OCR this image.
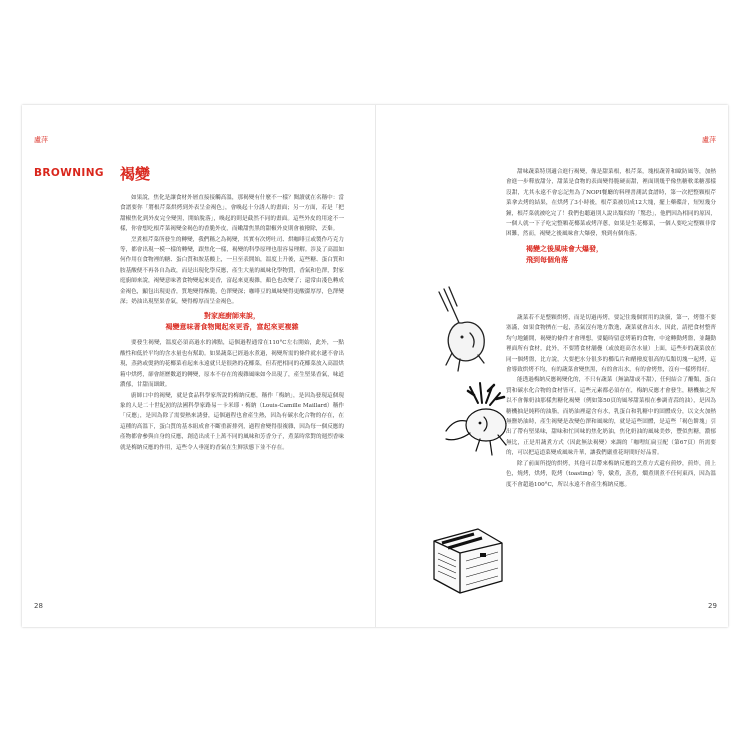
盧萍
BROWNING 褐變

如果說，焦化是讓食材外層直接接觸高溫，那褐變有什麼不一樣？閱讀就在名稱中：當食譜要你「將根芹菜烘烤到外表呈金褐色」，會喚起十分誘人的畫面；另一方面，若是「把甜椒焦化到外皮完全變黑，開始脫落」，喚起的則是截然不同的畫面。這些外皮的用途不一樣，你會想吃根芹菜褐變金褐色的香脆外皮，而嫩甜焦黑的甜椒外皮則會被撥除，丟棄。

烹煮根芹菜所發生的轉變，我們稱之為褐變，其實有次烤吐司、烘咖啡豆或製作巧克力等，都會出現一模一樣的轉變，跟焦化一樣，褐變的科學原理也很容易理解。涉及了高溫如何作用在食物裡的糖、蛋白質和胺基酸上，一旦至表開始，溫度上升後，這些糖、蛋白質和胺基酸便不再各自為政，而是出現化學反應，產生大量的風味化學物質，香氣和色澤，對家庭廚師來說，褐變意味著食物變起來更香，富起來更複雜，顏色也改變了；還常由淺色轉成金褐色，顯包出現更香，質地變得酥脆，色澤變深；咖啡豆的風味變得更酸澀厚厚，色澤變深；奶油出現堅果香氣，變得醇厚而呈金褐色。

對家庭廚師來說，
褐變意味著食物聞起來更香，富起來更複雜

要發生褐變，溫度必須高過水的沸點，這個過程通常在110°C左右開始，此外，一點酸性和低於平均的含水量也有幫助。如果蔬菜已經過水煮過，褐變所需的條件就水遞不會出現，蒸熟或燙熟的花椰菜看起來永遠就只是很熟的花椰菜，但若把相同的花椰菜放入高溫烘箱中烘烤，卻會經歷數道的轉變，原本不存在的複雜風味如今出現了，產生堅果香氣，味道濃郁，甘甜而細緻。

廚師口中的褐變，就是食品科學家所說的梅納反應，稱作「梅納」，是因為發現這個現象的人是二十世紀初的法國科學家路易－卡米耶・梅納（Louis-Camille Maillard）稱作「反應」，是因為除了需要熱來誘發，這個過程也會產生熱，因為有碳水化合物的存在，在這種的高溫下，蛋白質的基本組成會不斷重新排列，過程會變得很複雜，因為每一個反應的產物都會參與自身的反應，創造出成千上萬不同的風味和芳香分子，煮菜時常對的週烈香味就是梅納反應的作用，這些令人垂涎的香氣在生鮮狀態下並不存在。

28
盧萍

甜味蔬菜特別適合進行褐變，像是甜菜根，根芹菜，塊根蔬菁和歐防風等，加熱會進一步釋放甜分，甜菜是食物的表面變得脆硬而甜，裡面則幾乎像焦糖軟柔糖那樣沒甜，尤其永遠不會忘記焦為了NOPI餐廳的料理書測試食譜時，第一次把整顆根芹菜拿去烤的結果，在烘烤了3小時後，根芹菜被切成12大塊，擺上藥碟計，短短幾分鐘，根芹菜就被吃完了！我們也聽過別人說出類似的「驚恐」，他們因為相同的原因，一個人就一下子吃完整顆花椰菜或烤洋蔥，如果是生花椰菜，一個人要吃完整顆非常困難，然而，褐變之後風味會大爆發，飛到有個角落。

褐變之後風味會大爆發，
飛到每個角落

蔬菜若不是整顆烘烤，而是切過再烤，要記住幾個實用的訣竅，第一，烤盤不要塞滿，如果食物擠在一起，蒸氣沒有地方散逸，蔬菜就會出水，因此，請把食材整齊均勻地鋪開，褐變的條件才會理想，要隨時留意烤箱的食物，中途轉動烤盤，並翻動裡面所有食材，此外，不要將食材舖疊（或放進高含水量）上面，這些步的蔬菜放在同一個烤盤，比方說，大要把水分很多的櫛瓜片和醋撥度很高的瓜類切塊一起烤，這會導致烘烤不均，有的蔬菜會變焦黑，有的會出水，有的會烤焦，沒有一樣烤得好。

能透過梅納反應褐變化的，不只有蔬菜（無論甜或不甜），任何結合了醣類，蛋白質和碳水化合物的食材皆可，這些元素都必須存在，梅納反應才會發生，糖機抽之所以不會像奶油那樣焦糖化褐變（例如第50頁的風琴甜菜根在參調青蒜的油），是因為糖機抽是純粹的油脂，而奶油裡還含有水，乳蛋白和乳糖中的固體成分，以文火加熱無鹽奶油時，產生褐變是改變色澤和風味的，就是這些固體，是這些「褐色餅塊」引出了帶有堅果味，甜味和忙回味的焦化奶油，焦化奶油的風味美妙，豐似焦糖，濃郁無比，正是用蔬煮方式（因此無法褐變）來調的「咖哩紅扁豆配（第67頁）所需要的，可以把這道菜變成風味升華，讓我們嚴重花時間好好品嘗。

除了前面所提的烘烤，其他可以帶來梅納反應的烹煮方式還有煎炒，煎炸，煎上色，燒烤，烘烤，乾烤（toasting）等，燉煮，蒸煮，燜煮則煮不任何東西，因為溫度不會超過100°C，所以永遠不會產生梅納反應。

29
